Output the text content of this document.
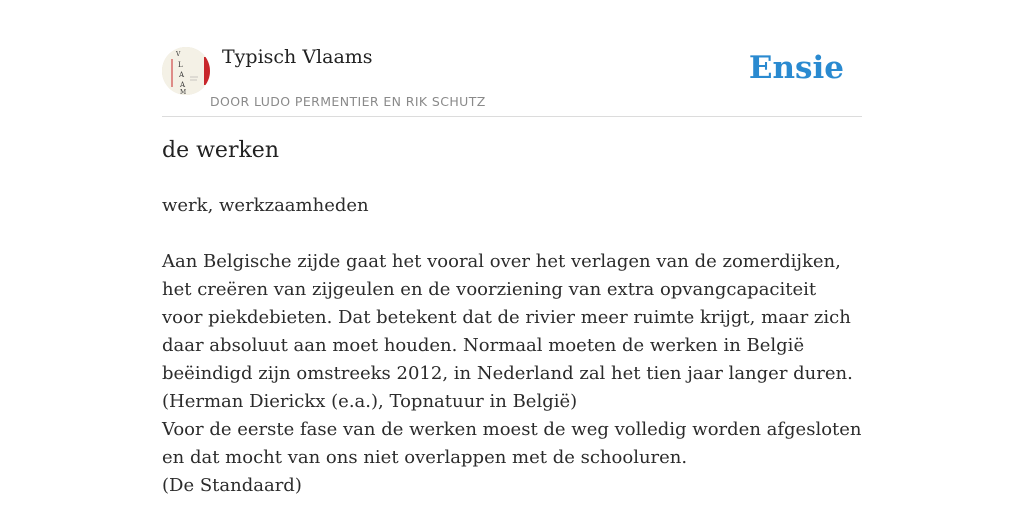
V
L
A
A
M
Typisch Vlaams
DOOR LUDO PERMENTIER EN RIK SCHUTZ
Ensie
de werken

werk, werkzaamheden

Aan Belgische zijde gaat het vooral over het verlagen van de zomerdijken, het creëren van zijgeulen en de voorziening van extra opvangcapaciteit voor piekdebieten. Dat betekent dat de rivier meer ruimte krijgt, maar zich daar absoluut aan moet houden. Normaal moeten de werken in België beëindigd zijn omstreeks 2012, in Nederland zal het tien jaar langer duren.

(Herman Dierickx (e.a.), Topnatuur in België)

Voor de eerste fase van de werken moest de weg volledig worden afgesloten en dat mocht van ons niet overlappen met de schooluren.

(De Standaard)
